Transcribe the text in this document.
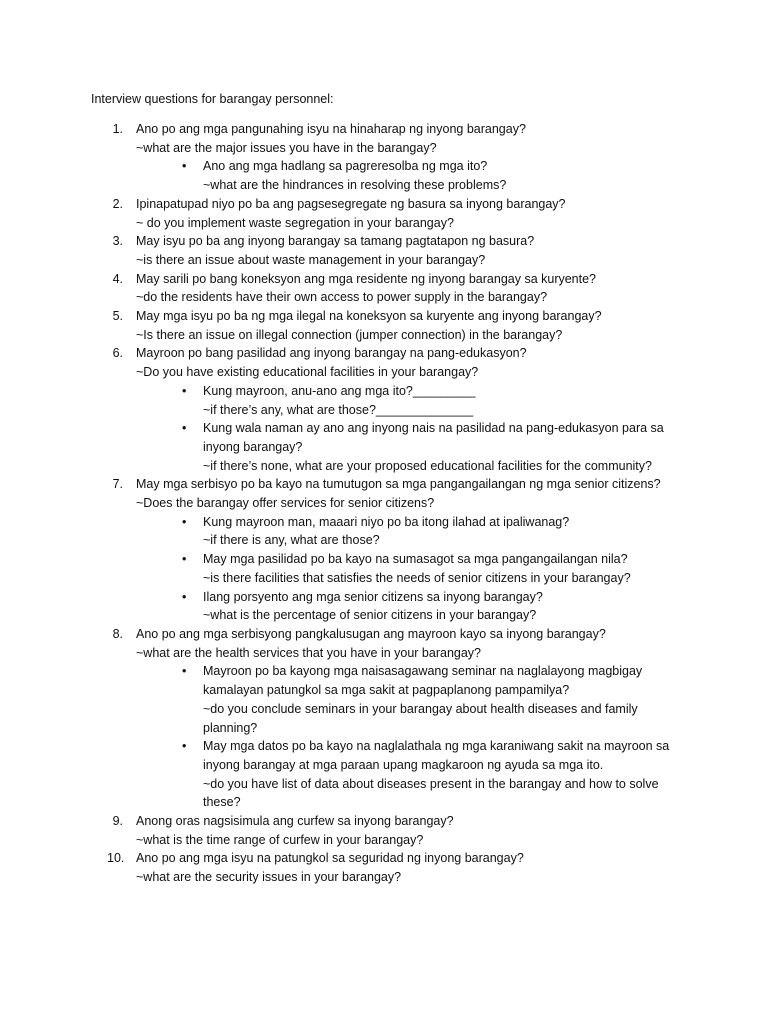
Interview questions for barangay personnel:
1.	Ano po ang mga pangunahing isyu na hinaharap ng inyong barangay?
~what are the major issues you have in the barangay?
•	Ano ang mga hadlang sa pagreresolba ng mga ito?
~what are the hindrances in resolving these problems?
2.	Ipinapatupad niyo po ba ang pagsesegregate ng basura sa inyong barangay?
~ do you implement waste segregation in your barangay?
3.	May isyu po ba ang inyong barangay sa tamang pagtatapon ng basura?
~is there an issue about waste management in your barangay?
4.	May sarili po bang koneksyon ang mga residente ng inyong barangay sa kuryente?
~do the residents have their own access to power supply in the barangay?
5.	May mga isyu po ba ng mga ilegal na koneksyon sa kuryente ang inyong barangay?
~Is there an issue on illegal connection (jumper connection) in the barangay?
6.	Mayroon po bang pasilidad ang inyong barangay na pang-edukasyon?
~Do you have existing educational facilities in your barangay?
•	Kung mayroon, anu-ano ang mga ito?_________
~if there’s any, what are those?______________
•	Kung wala naman ay ano ang inyong nais na pasilidad na pang-edukasyon para sa inyong barangay?
~if there’s none, what are your proposed educational facilities for the community?
7.	May mga serbisyo po ba kayo na tumutugon sa mga pangangailangan ng mga senior citizens?
~Does the barangay offer services for senior citizens?
•	Kung mayroon man, maaari niyo po ba itong ilahad at ipaliwanag?
~if there is any, what are those?
•	May mga pasilidad po ba kayo na sumasagot sa mga pangangailangan nila?
~is there facilities that satisfies the needs of senior citizens in your barangay?
•	Ilang porsyento ang mga senior citizens sa inyong barangay?
~what is the percentage of senior citizens in your barangay?
8.	Ano po ang mga serbisyong pangkalusugan ang mayroon kayo sa inyong barangay?
~what are the health services that you have in your barangay?
•	Mayroon po ba kayong mga naisasagawang seminar na naglalayong magbigay kamalayan patungkol sa mga sakit at pagpaplanong pampamilya?
~do you conclude seminars in your barangay about health diseases and family planning?
•	May mga datos po ba kayo na naglalathala ng mga karaniwang sakit na mayroon sa inyong barangay at mga paraan upang magkaroon ng ayuda sa mga ito.
~do you have list of data about diseases present in the barangay and how to solve these?
9.	Anong oras nagsisimula ang curfew sa inyong barangay?
~what is the time range of curfew in your barangay?
10. Ano po ang mga isyu na patungkol sa seguridad ng inyong barangay?
~what are the security issues in your barangay?
